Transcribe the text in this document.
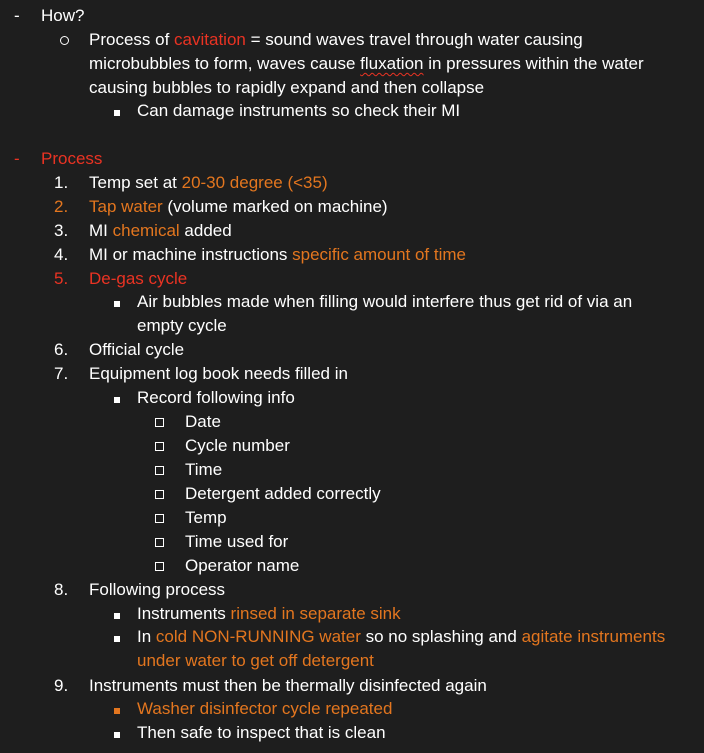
- How?
Process of cavitation = sound waves travel through water causing
microbubbles to form, waves cause fluxation in pressures within the water
causing bubbles to rapidly expand and then collapse
Can damage instruments so check their MI
- Process
1. Temp set at 20-30 degree (<35)
2. Tap water (volume marked on machine)
3. MI chemical added
4. MI or machine instructions specific amount of time
5. De-gas cycle
Air bubbles made when filling would interfere thus get rid of via an
empty cycle
6. Official cycle
7. Equipment log book needs filled in
Record following info
Date
Cycle number
Time
Detergent added correctly
Temp
Time used for
Operator name
8. Following process
Instruments rinsed in separate sink
In cold NON-RUNNING water so no splashing and agitate instruments
under water to get off detergent
9. Instruments must then be thermally disinfected again
Washer disinfector cycle repeated
Then safe to inspect that is clean
